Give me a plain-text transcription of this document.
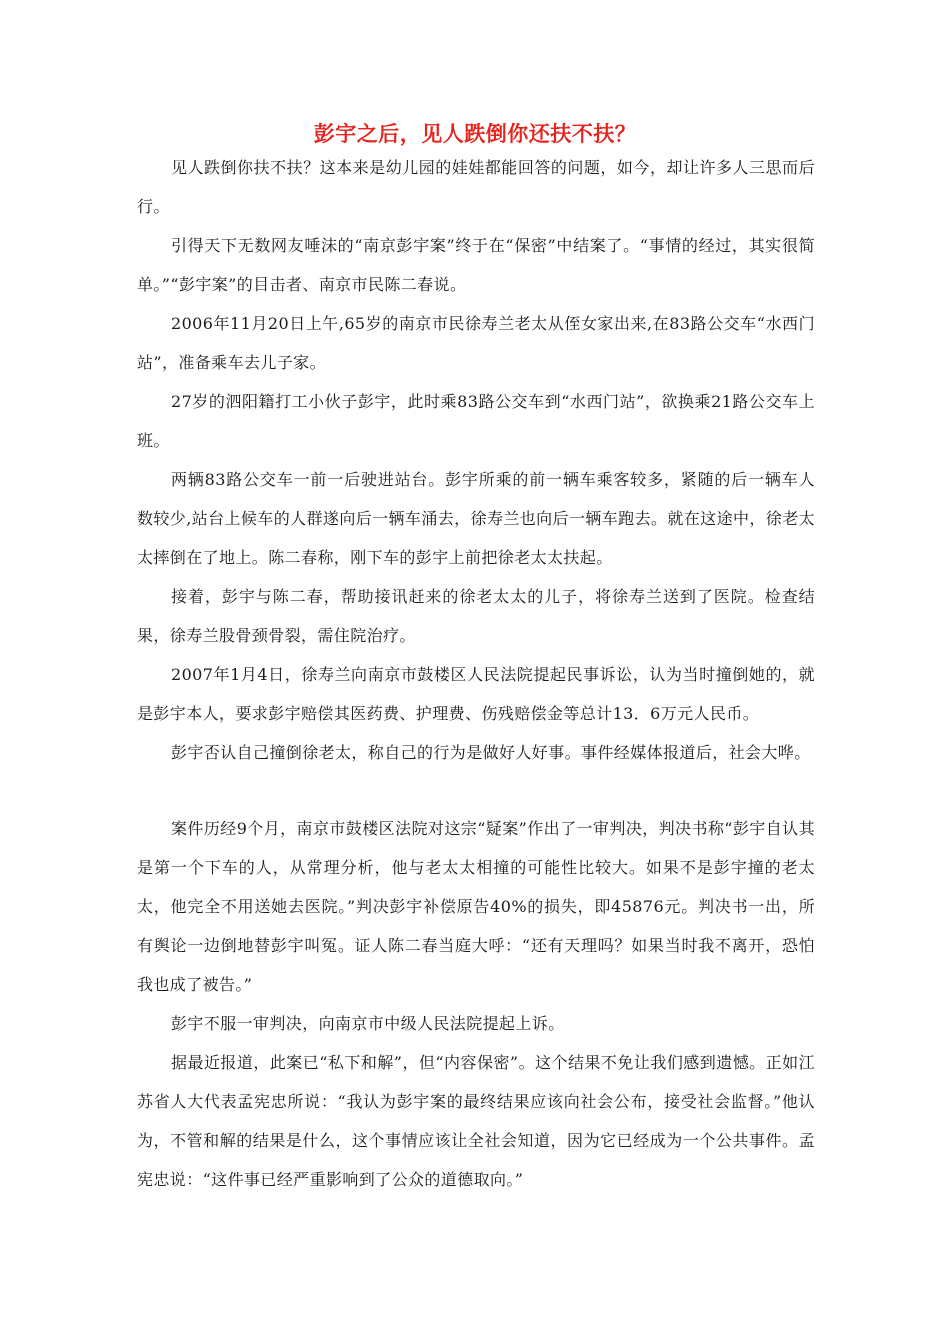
彭宇之后，见人跌倒你还扶不扶？

见人跌倒你扶不扶？这本来是幼儿园的娃娃都能回答的问题，如今，却让许多人三思而后行。

引得天下无数网友唾沫的“南京彭宇案”终于在“保密”中结案了。“事情的经过，其实很简单。”“彭宇案”的目击者、南京市民陈二春说。

2006年11月20日上午,65岁的南京市民徐寿兰老太从侄女家出来,在83路公交车“水西门站”，准备乘车去儿子家。

27岁的泗阳籍打工小伙子彭宇，此时乘83路公交车到“水西门站”，欲换乘21路公交车上班。

两辆83路公交车一前一后驶进站台。彭宇所乘的前一辆车乘客较多，紧随的后一辆车人数较少,站台上候车的人群遂向后一辆车涌去，徐寿兰也向后一辆车跑去。就在这途中，徐老太太摔倒在了地上。陈二春称，刚下车的彭宇上前把徐老太太扶起。

接着，彭宇与陈二春，帮助接讯赶来的徐老太太的儿子，将徐寿兰送到了医院。检查结果，徐寿兰股骨颈骨裂，需住院治疗。

2007年1月4日，徐寿兰向南京市鼓楼区人民法院提起民事诉讼，认为当时撞倒她的，就是彭宇本人，要求彭宇赔偿其医药费、护理费、伤残赔偿金等总计13．6万元人民币。

彭宇否认自己撞倒徐老太，称自己的行为是做好人好事。事件经媒体报道后，社会大哗。

案件历经9个月，南京市鼓楼区法院对这宗“疑案”作出了一审判决，判决书称“彭宇自认其是第一个下车的人，从常理分析，他与老太太相撞的可能性比较大。如果不是彭宇撞的老太太，他完全不用送她去医院。”判决彭宇补偿原告40%的损失，即45876元。判决书一出，所有舆论一边倒地替彭宇叫冤。证人陈二春当庭大呼：“还有天理吗？如果当时我不离开，恐怕我也成了被告。”

彭宇不服一审判决，向南京市中级人民法院提起上诉。

据最近报道，此案已“私下和解”，但“内容保密”。这个结果不免让我们感到遗憾。正如江苏省人大代表孟宪忠所说：“我认为彭宇案的最终结果应该向社会公布，接受社会监督。”他认为，不管和解的结果是什么，这个事情应该让全社会知道，因为它已经成为一个公共事件。孟宪忠说：“这件事已经严重影响到了公众的道德取向。”
